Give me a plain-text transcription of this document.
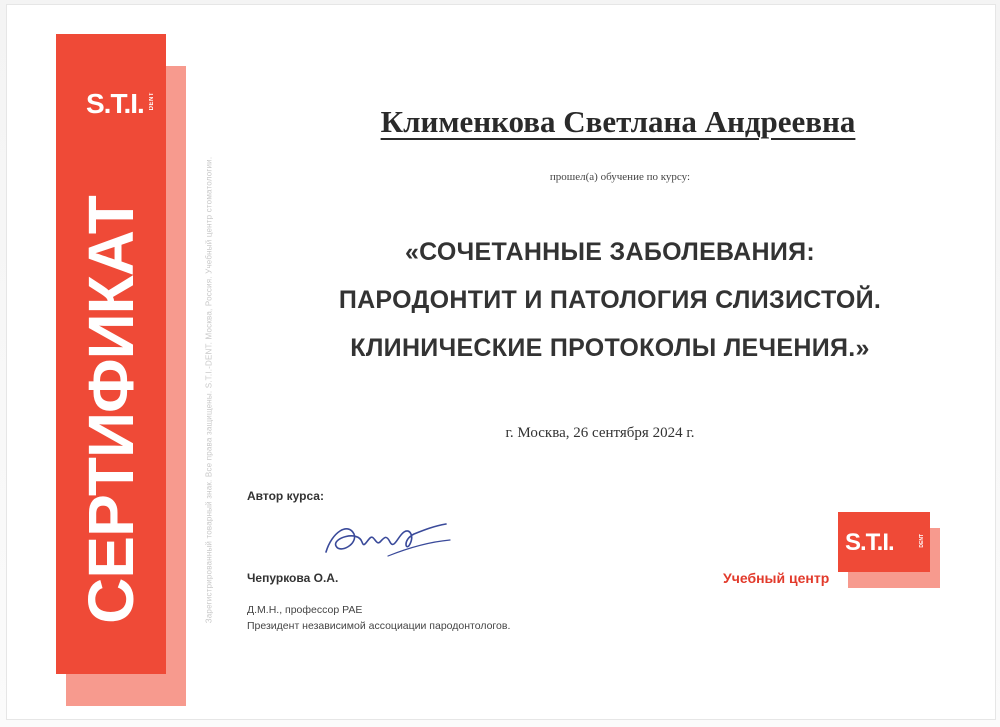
S.T.I. DENT
СЕРТИФИКАТ	Зарегистрированный товарный знак. Все права защищены. S.T.I.-DENT. Москва, Россия. Учебный центр стоматологии.
Клименкова Светлана Андреевна
прошел(а) обучение по курсу:
«СОЧЕТАННЫЕ ЗАБОЛЕВАНИЯ:
ПАРОДОНТИТ И ПАТОЛОГИЯ СЛИЗИСТОЙ.
КЛИНИЧЕСКИЕ ПРОТОКОЛЫ ЛЕЧЕНИЯ.»
г. Москва, 26 сентября 2024 г.
Автор курса:
Чепуркова О.А.
Д.М.Н., профессор РАЕ
Президент независимой ассоциации пародонтологов.
Учебный центр
S.T.I.	DENT
